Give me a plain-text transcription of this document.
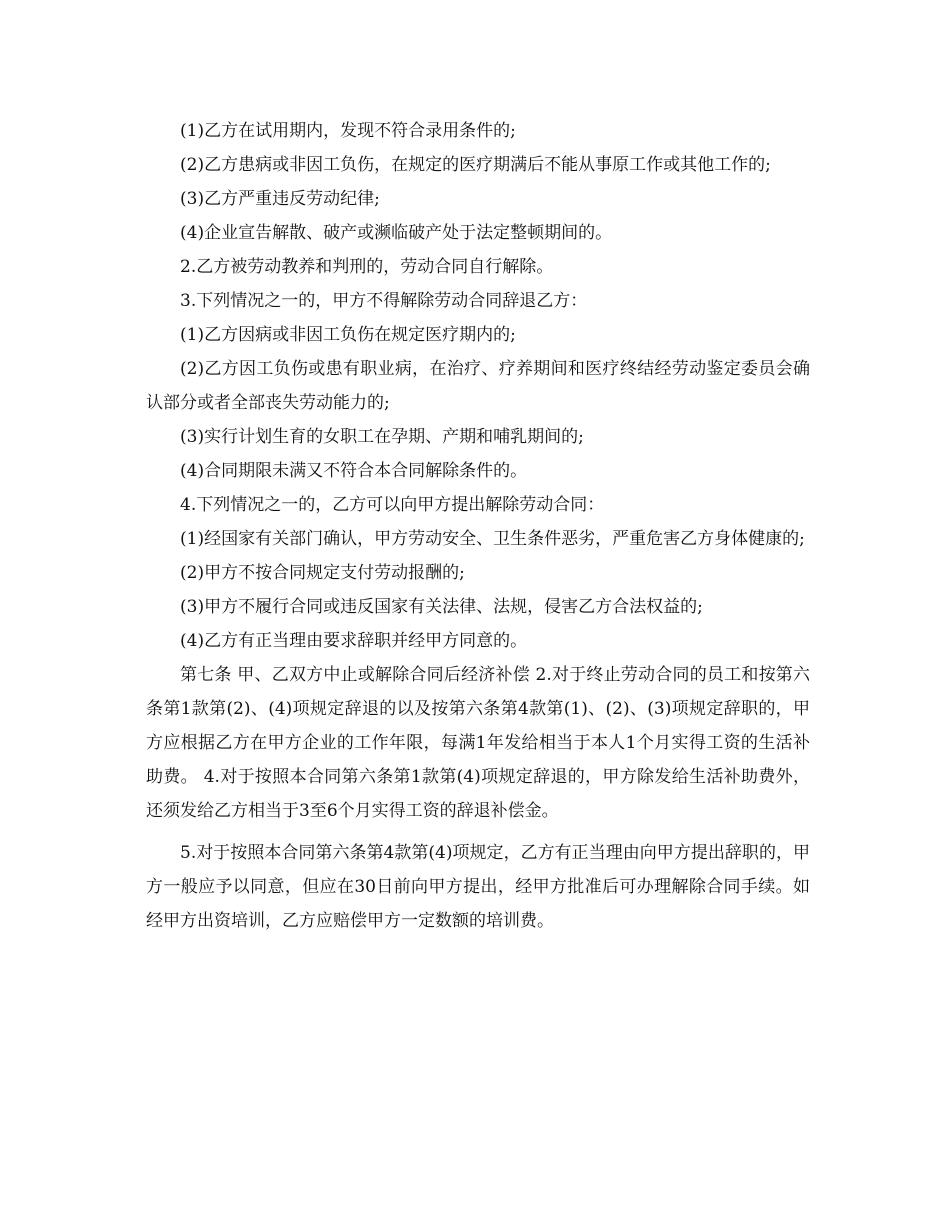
(1)乙方在试用期内，发现不符合录用条件的;

(2)乙方患病或非因工负伤，在规定的医疗期满后不能从事原工作或其他工作的;

(3)乙方严重违反劳动纪律;

(4)企业宣告解散、破产或濒临破产处于法定整顿期间的。

2.乙方被劳动教养和判刑的，劳动合同自行解除。

3.下列情况之一的，甲方不得解除劳动合同辞退乙方：

(1)乙方因病或非因工负伤在规定医疗期内的;

(2)乙方因工负伤或患有职业病，在治疗、疗养期间和医疗终结经劳动鉴定委员会确认部分或者全部丧失劳动能力的;

(3)实行计划生育的女职工在孕期、产期和哺乳期间的;

(4)合同期限未满又不符合本合同解除条件的。

4.下列情况之一的，乙方可以向甲方提出解除劳动合同：

(1)经国家有关部门确认，甲方劳动安全、卫生条件恶劣，严重危害乙方身体健康的;

(2)甲方不按合同规定支付劳动报酬的;

(3)甲方不履行合同或违反国家有关法律、法规，侵害乙方合法权益的;

(4)乙方有正当理由要求辞职并经甲方同意的。

第七条 甲、乙双方中止或解除合同后经济补偿 2.对于终止劳动合同的员工和按第六条第1款第(2)、(4)项规定辞退的以及按第六条第4款第(1)、(2)、(3)项规定辞职的，甲方应根据乙方在甲方企业的工作年限，每满1年发给相当于本人1个月实得工资的生活补助费。 4.对于按照本合同第六条第1款第(4)项规定辞退的，甲方除发给生活补助费外，还须发给乙方相当于3至6个月实得工资的辞退补偿金。

5.对于按照本合同第六条第4款第(4)项规定，乙方有正当理由向甲方提出辞职的，甲方一般应予以同意，但应在30日前向甲方提出，经甲方批准后可办理解除合同手续。如经甲方出资培训，乙方应赔偿甲方一定数额的培训费。
